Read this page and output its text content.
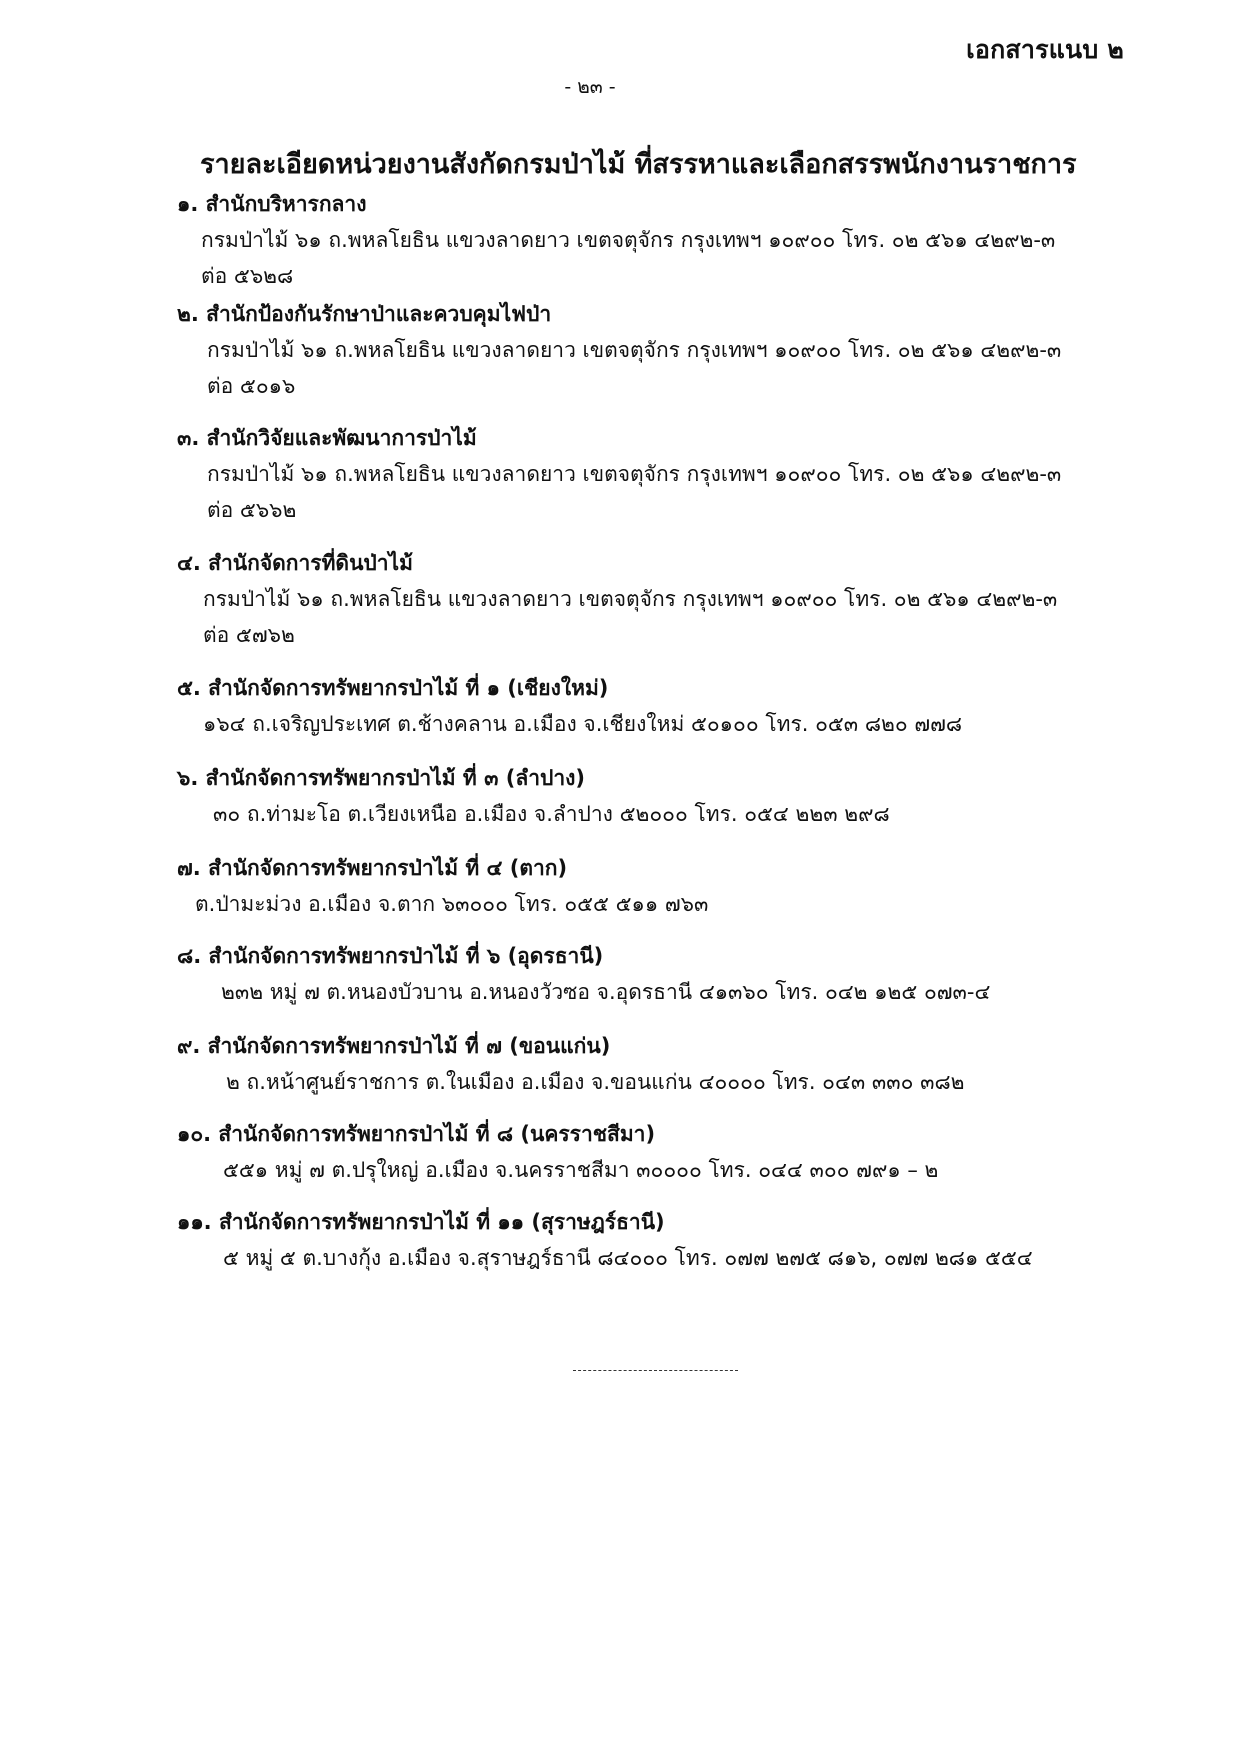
เอกสารแนบ ๒
- ๒๓ -
รายละเอียดหน่วยงานสังกัดกรมป่าไม้ ที่สรรหาและเลือกสรรพนักงานราชการ
๑. สำนักบริหารกลาง
กรมป่าไม้ ๖๑ ถ.พหลโยธิน แขวงลาดยาว เขตจตุจักร กรุงเทพฯ ๑๐๙๐๐ โทร. ๐๒ ๕๖๑ ๔๒๙๒-๓
ต่อ ๕๖๒๘
๒. สำนักป้องกันรักษาป่าและควบคุมไฟป่า
กรมป่าไม้ ๖๑ ถ.พหลโยธิน แขวงลาดยาว เขตจตุจักร กรุงเทพฯ ๑๐๙๐๐ โทร. ๐๒ ๕๖๑ ๔๒๙๒-๓
ต่อ ๕๐๑๖
๓. สำนักวิจัยและพัฒนาการป่าไม้
กรมป่าไม้ ๖๑ ถ.พหลโยธิน แขวงลาดยาว เขตจตุจักร กรุงเทพฯ ๑๐๙๐๐ โทร. ๐๒ ๕๖๑ ๔๒๙๒-๓
ต่อ ๕๖๖๒
๔. สำนักจัดการที่ดินป่าไม้
กรมป่าไม้ ๖๑ ถ.พหลโยธิน แขวงลาดยาว เขตจตุจักร กรุงเทพฯ ๑๐๙๐๐ โทร. ๐๒ ๕๖๑ ๔๒๙๒-๓
ต่อ ๕๗๖๒
๕. สำนักจัดการทรัพยากรป่าไม้ ที่ ๑ (เชียงใหม่)
๑๖๔ ถ.เจริญประเทศ ต.ช้างคลาน อ.เมือง จ.เชียงใหม่ ๕๐๑๐๐ โทร. ๐๕๓ ๘๒๐ ๗๗๘
๖. สำนักจัดการทรัพยากรป่าไม้ ที่ ๓ (ลำปาง)
๓๐ ถ.ท่ามะโอ ต.เวียงเหนือ อ.เมือง จ.ลำปาง ๕๒๐๐๐ โทร. ๐๕๔ ๒๒๓ ๒๙๘
๗. สำนักจัดการทรัพยากรป่าไม้ ที่ ๔ (ตาก)
ต.ป่ามะม่วง อ.เมือง จ.ตาก ๖๓๐๐๐ โทร. ๐๕๕ ๕๑๑ ๗๖๓
๘. สำนักจัดการทรัพยากรป่าไม้ ที่ ๖ (อุดรธานี)
๒๓๒ หมู่ ๗ ต.หนองบัวบาน อ.หนองวัวซอ จ.อุดรธานี ๔๑๓๖๐ โทร. ๐๔๒ ๑๒๕ ๐๗๓-๔
๙. สำนักจัดการทรัพยากรป่าไม้ ที่ ๗ (ขอนแก่น)
๒ ถ.หน้าศูนย์ราชการ ต.ในเมือง อ.เมือง จ.ขอนแก่น ๔๐๐๐๐ โทร. ๐๔๓ ๓๓๐ ๓๘๒
๑๐. สำนักจัดการทรัพยากรป่าไม้ ที่ ๘ (นครราชสีมา)
๕๕๑ หมู่ ๗ ต.ปรุใหญ่ อ.เมือง จ.นครราชสีมา ๓๐๐๐๐ โทร. ๐๔๔ ๓๐๐ ๗๙๑ – ๒
๑๑. สำนักจัดการทรัพยากรป่าไม้ ที่ ๑๑ (สุราษฎร์ธานี)
๕ หมู่ ๕ ต.บางกุ้ง อ.เมือง จ.สุราษฎร์ธานี ๘๔๐๐๐ โทร. ๐๗๗ ๒๗๕ ๘๑๖, ๐๗๗ ๒๘๑ ๕๕๔
